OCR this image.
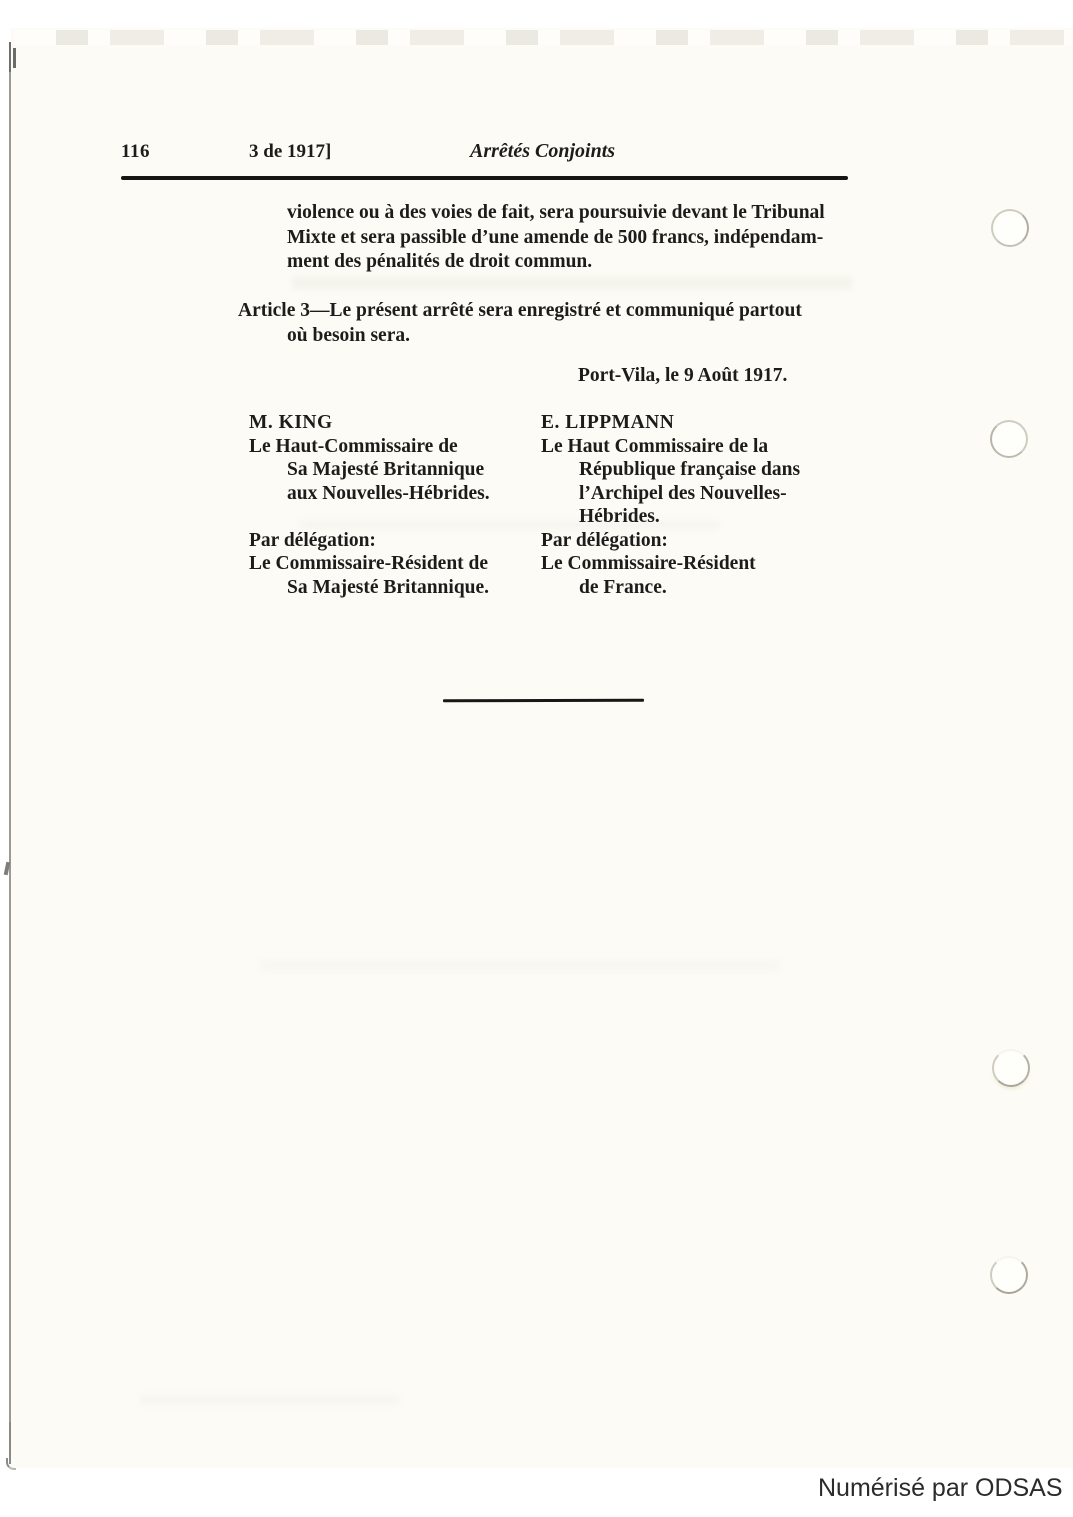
116	3 de 1917]	Arrêtés Conjoints
violence ou à des voies de fait, sera poursuivie devant le Tribunal
Mixte et sera passible d’une amende de 500 francs, indépendam-
ment des pénalités de droit commun.
Article 3—Le présent arrêté sera enregistré et communiqué partout
où besoin sera.
Port-Vila, le 9 Août 1917.
M. KING
Le Haut-Commissaire de
Sa Majesté Britannique
aux Nouvelles-Hébrides.

Par délégation:
Le Commissaire-Résident de
Sa Majesté Britannique.
E. LIPPMANN
Le Haut Commissaire de la
République française dans
l’Archipel des Nouvelles-
Hébrides.
Par délégation:
Le Commissaire-Résident
de France.
Numérisé par ODSAS
